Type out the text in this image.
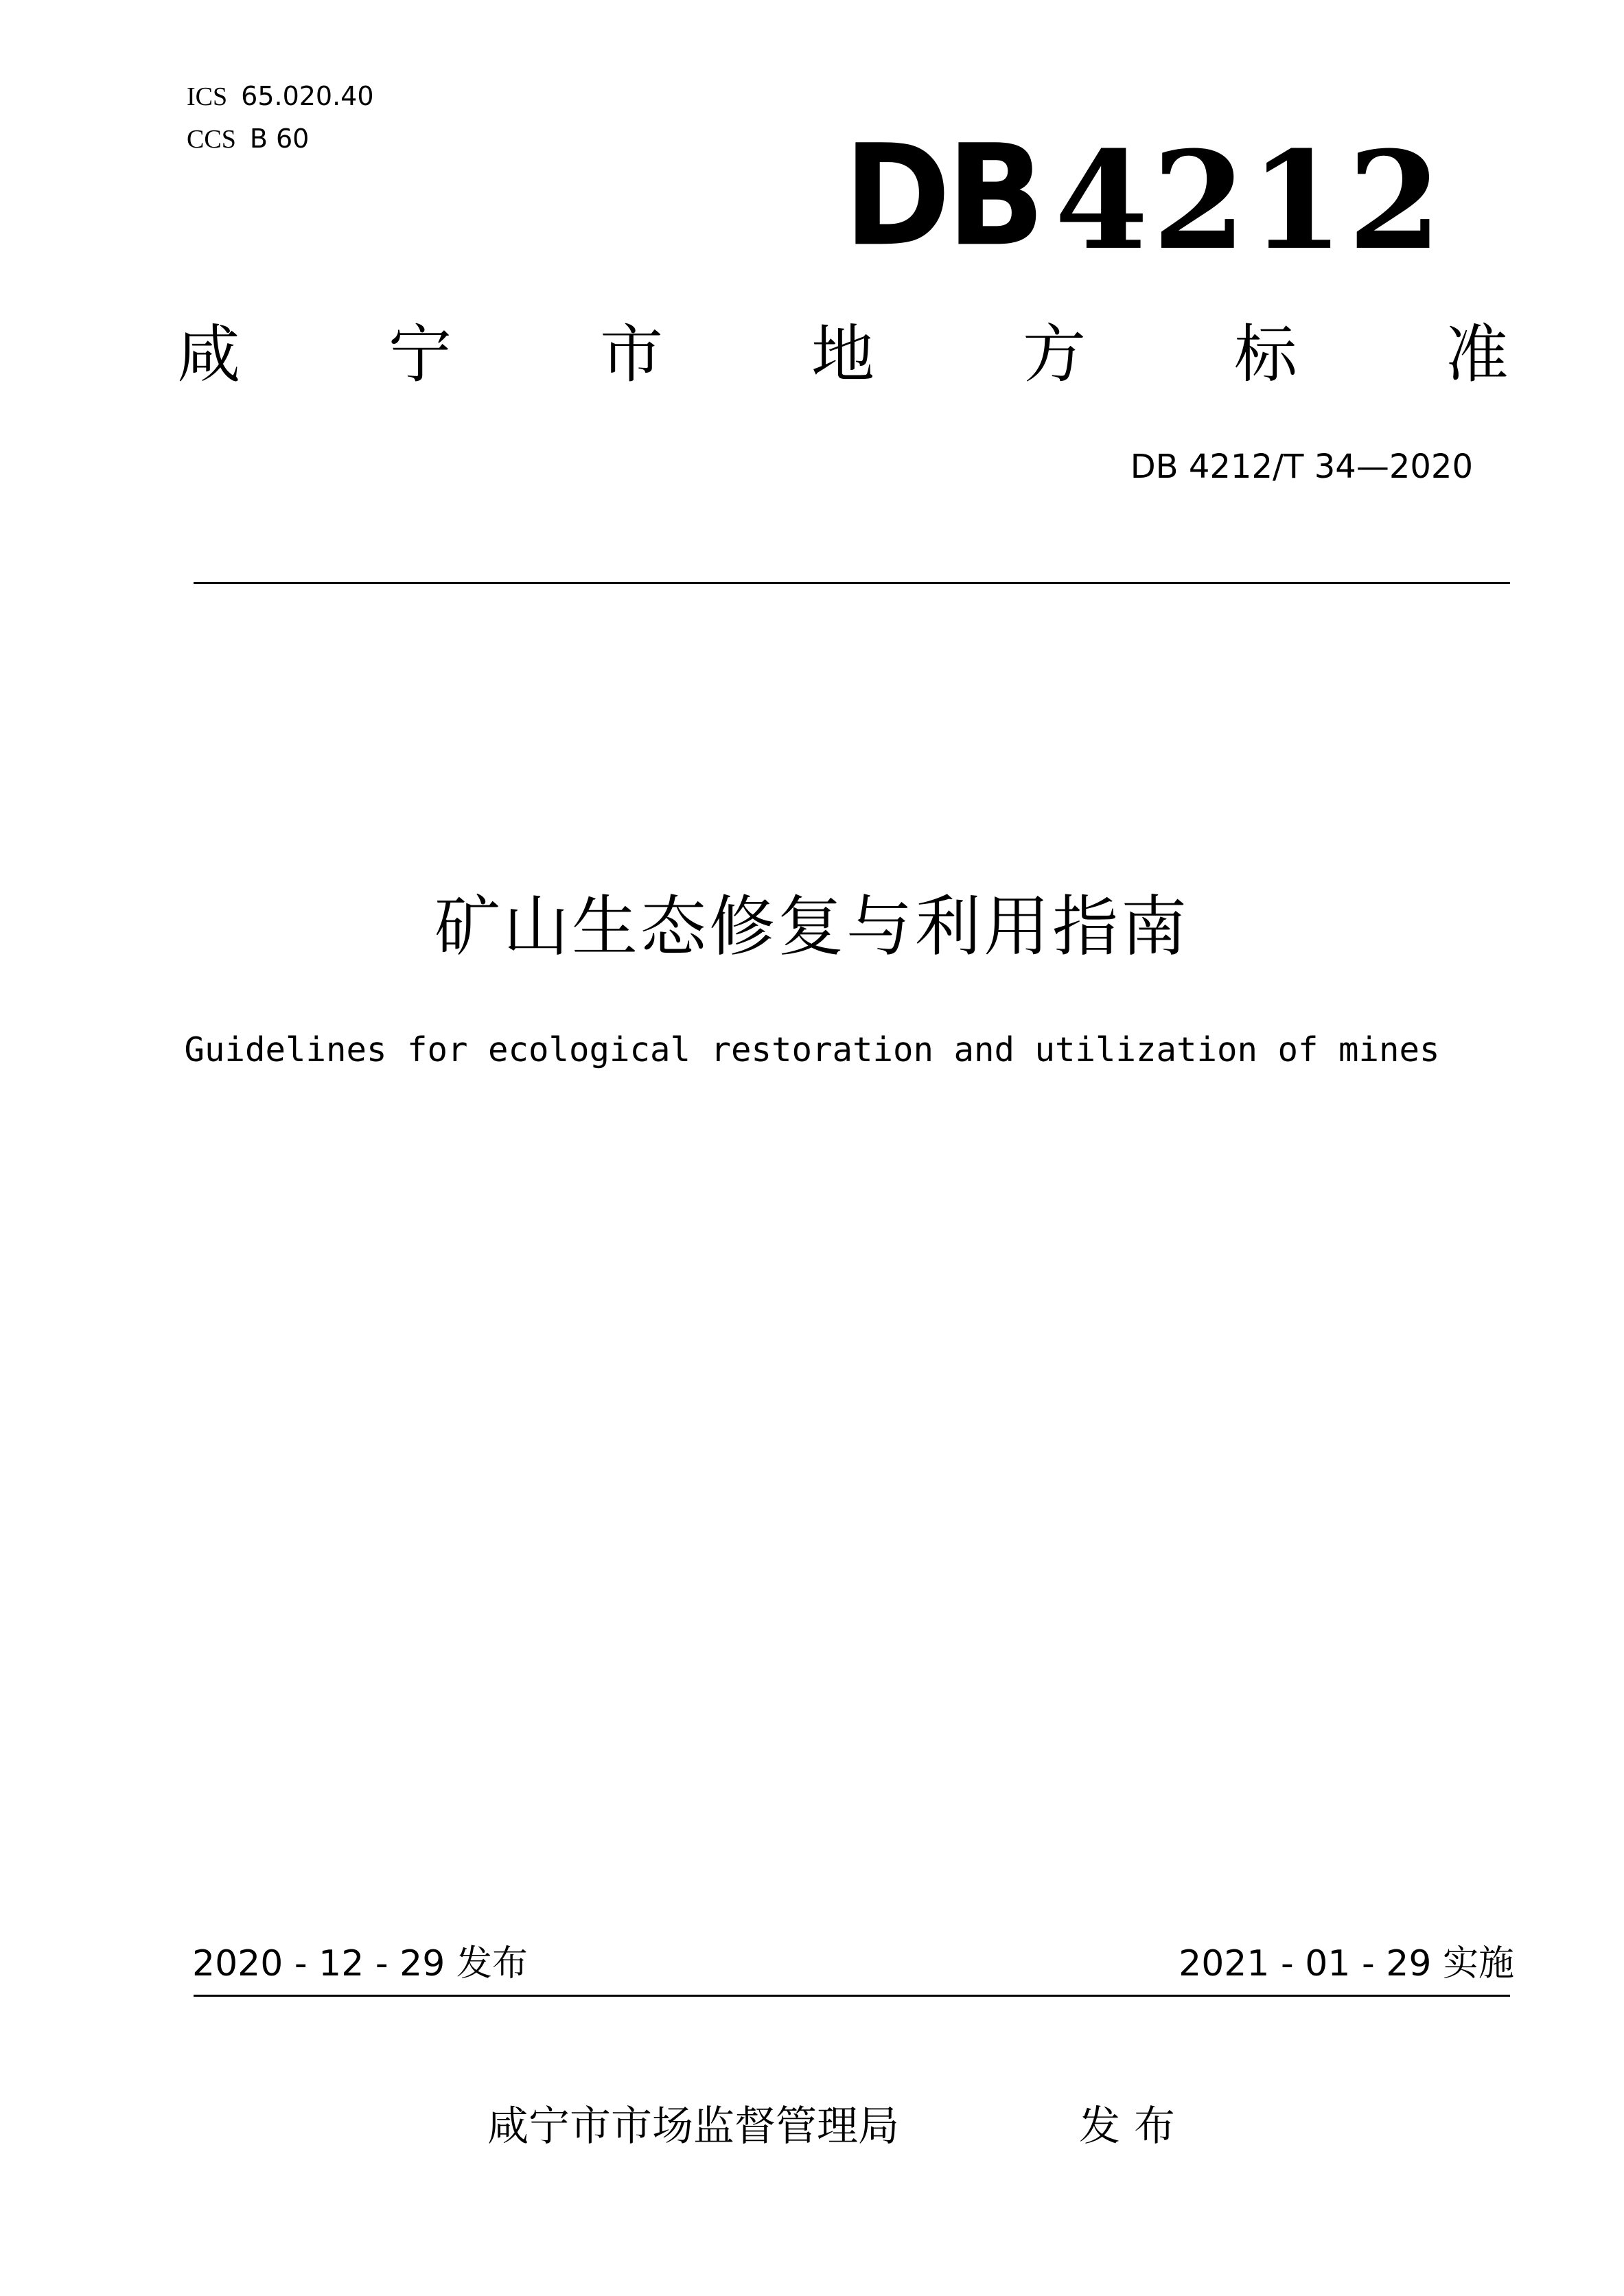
ICS 65.020.40
CCS B 60	DB 4212
咸 宁 市 地 方 标 准
DB 4212/T 34—2020
矿山生态修复与利用指南
Guidelines for ecological restoration and utilization of mines
2020 - 12 - 29 发布	2021 - 01 - 29 实施
咸宁市市场监督管理局	发布
